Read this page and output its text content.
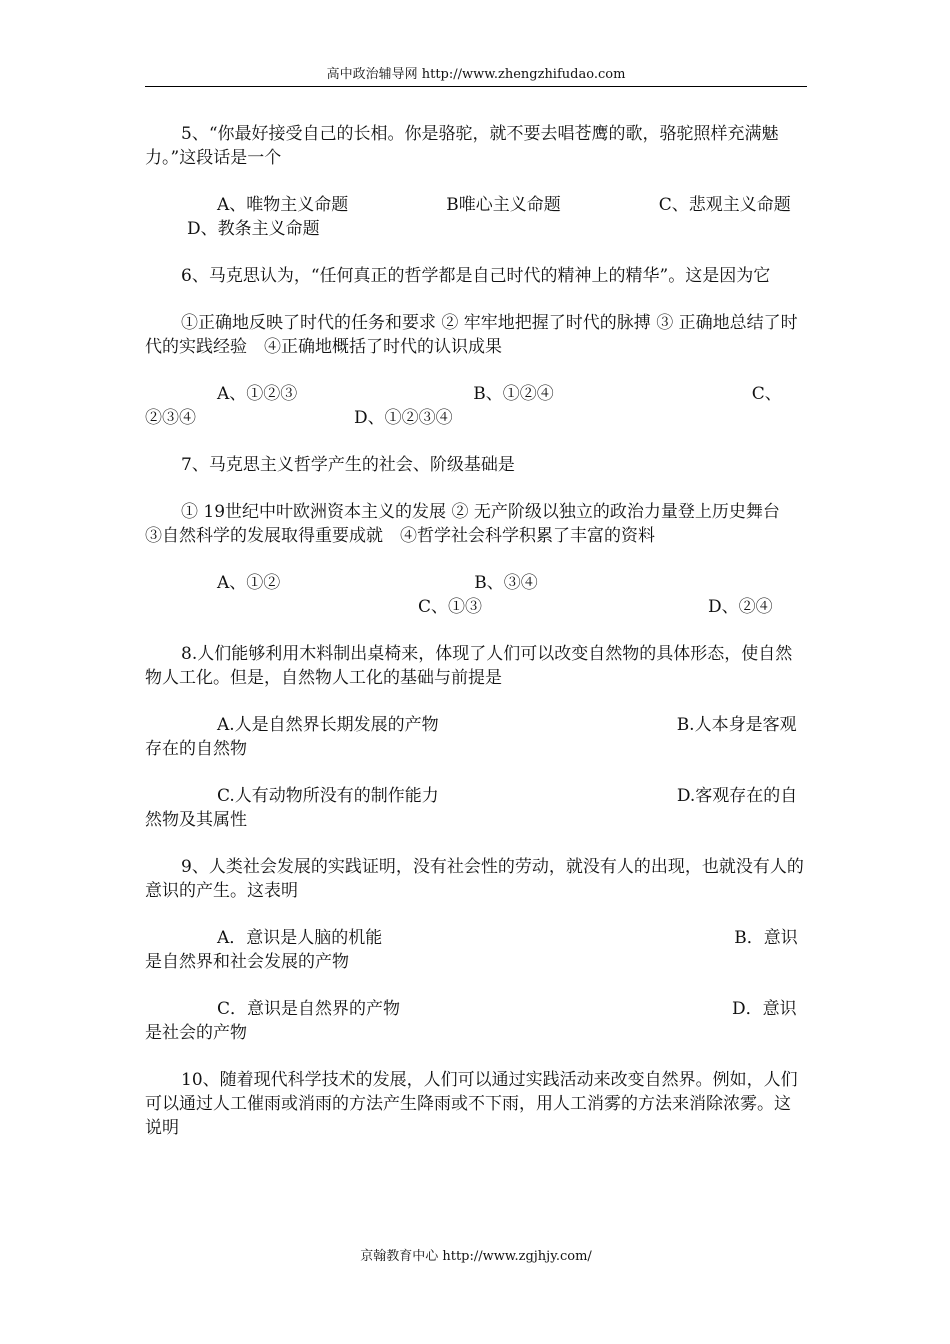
高中政治辅导网 http://www.zhengzhifudao.com

5、“你最好接受自己的长相。你是骆驼，就不要去唱苍鹰的歌，骆驼照样充满魅力。”这段话是一个

A、唯物主义命题	B唯心主义命题	C、悲观主义命题D、教条主义命题

6、马克思认为，“任何真正的哲学都是自己时代的精神上的精华”。这是因为它

①正确地反映了时代的任务和要求 ② 牢牢地把握了时代的脉搏 ③ 正确地总结了时代的实践经验　④正确地概括了时代的认识成果

A、①②③	B、①②④	C、②③④	D、①②③④

7、马克思主义哲学产生的社会、阶级基础是

① 19世纪中叶欧洲资本主义的发展 ② 无产阶级以独立的政治力量登上历史舞台　③自然科学的发展取得重要成就　④哲学社会科学积累了丰富的资料

A、①②	B、③④C、①③	D、②④

8.人们能够利用木料制出桌椅来，体现了人们可以改变自然物的具体形态，使自然物人工化。但是，自然物人工化的基础与前提是

A.人是自然界长期发展的产物	B.人本身是客观存在的自然物

C.人有动物所没有的制作能力	D.客观存在的自然物及其属性

9、人类社会发展的实践证明，没有社会性的劳动，就没有人的出现，也就没有人的意识的产生。这表明

A．意识是人脑的机能	B．意识是自然界和社会发展的产物

C．意识是自然界的产物	D．意识是社会的产物

10、随着现代科学技术的发展，人们可以通过实践活动来改变自然界。例如，人们可以通过人工催雨或消雨的方法产生降雨或不下雨，用人工消雾的方法来消除浓雾。这说明

京翰教育中心 http://www.zgjhjy.com/
